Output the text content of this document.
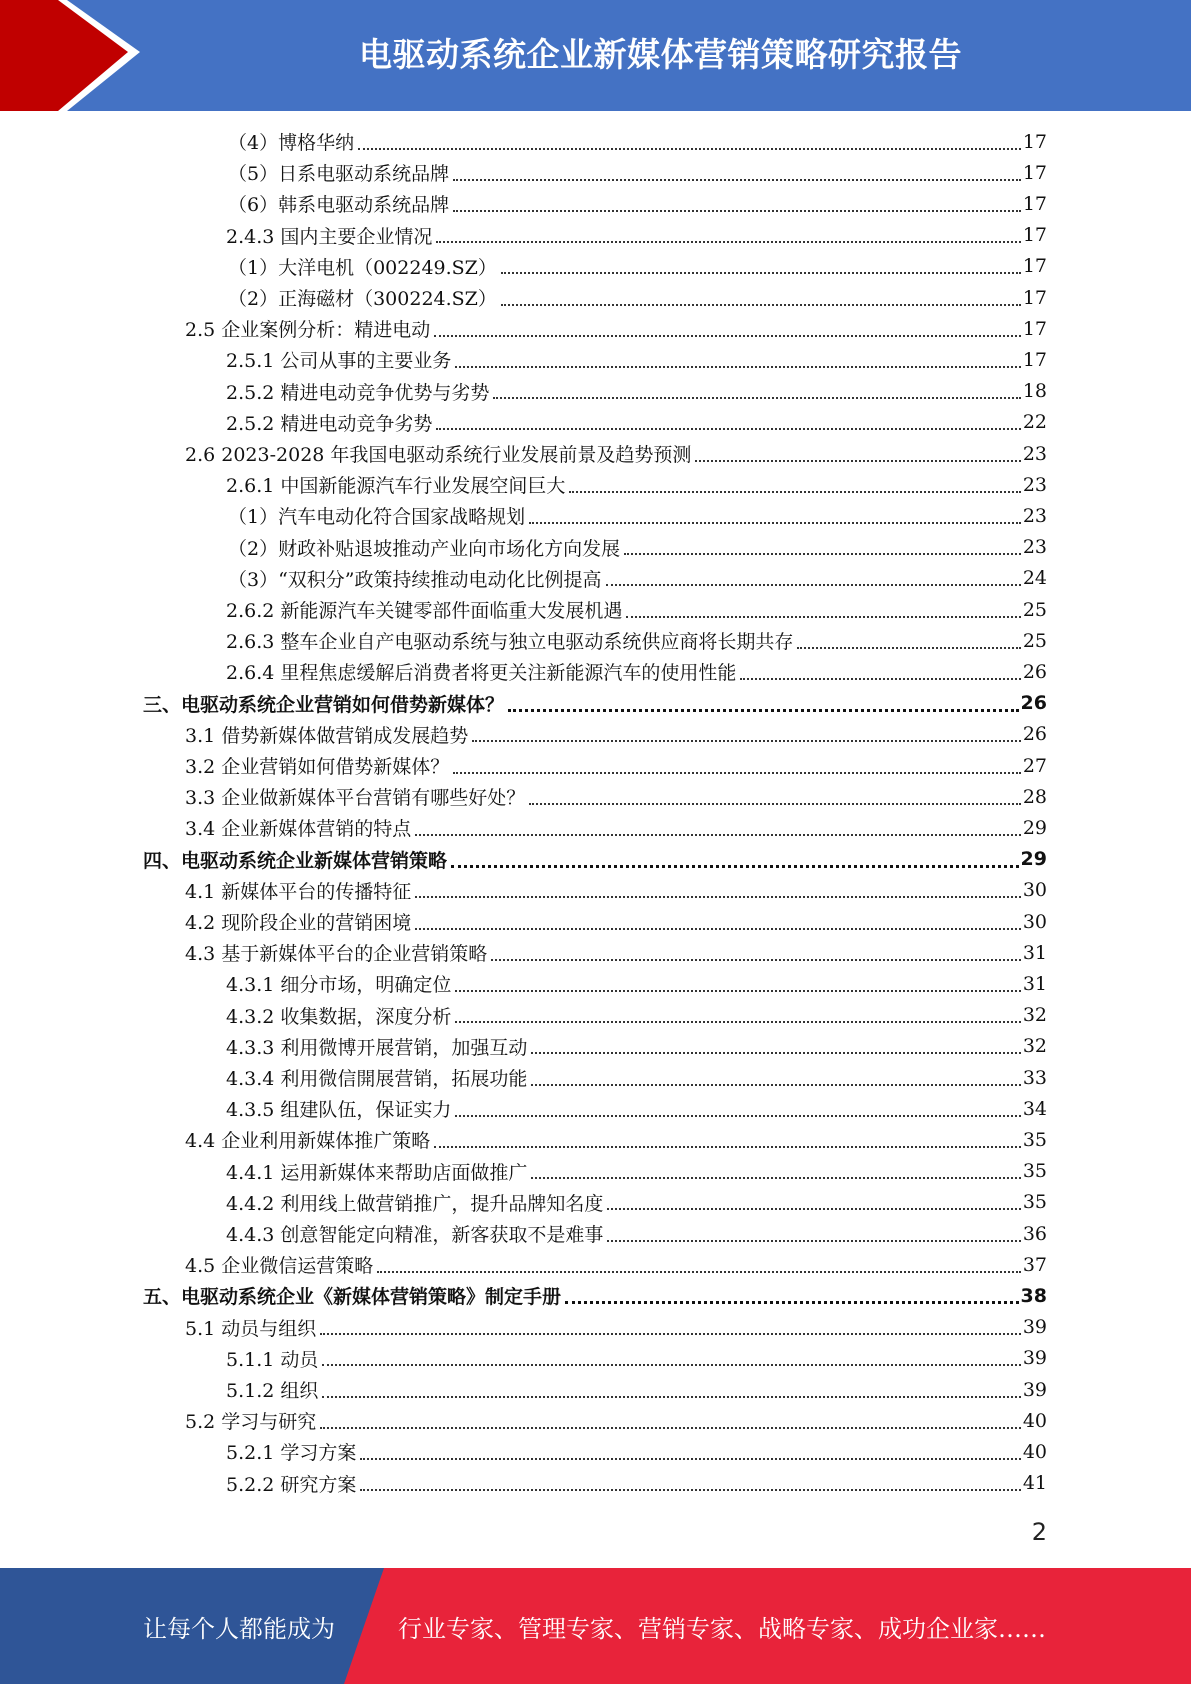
电驱动系统企业新媒体营销策略研究报告
（4）博格华纳	17
（5）日系电驱动系统品牌	17
（6）韩系电驱动系统品牌	17
2.4.3 国内主要企业情况	17
（1）大洋电机（002249.SZ）	17
（2）正海磁材（300224.SZ）	17
2.5 企业案例分析：精进电动	17
2.5.1 公司从事的主要业务	17
2.5.2 精进电动竞争优势与劣势	18
2.5.2 精进电动竞争劣势	22
2.6 2023-2028 年我国电驱动系统行业发展前景及趋势预测	23
2.6.1 中国新能源汽车行业发展空间巨大	23
（1）汽车电动化符合国家战略规划	23
（2）财政补贴退坡推动产业向市场化方向发展	23
（3）“双积分”政策持续推动电动化比例提高	24
2.6.2 新能源汽车关键零部件面临重大发展机遇	25
2.6.3 整车企业自产电驱动系统与独立电驱动系统供应商将长期共存	25
2.6.4 里程焦虑缓解后消费者将更关注新能源汽车的使用性能	26
三、电驱动系统企业营销如何借势新媒体？	26
3.1 借势新媒体做营销成发展趋势	26
3.2 企业营销如何借势新媒体？	27
3.3 企业做新媒体平台营销有哪些好处？	28
3.4 企业新媒体营销的特点	29
四、电驱动系统企业新媒体营销策略	29
4.1 新媒体平台的传播特征	30
4.2 现阶段企业的营销困境	30
4.3 基于新媒体平台的企业营销策略	31
4.3.1 细分市场，明确定位	31
4.3.2 收集数据，深度分析	32
4.3.3 利用微博开展营销，加强互动	32
4.3.4 利用微信開展营销，拓展功能	33
4.3.5 组建队伍，保证实力	34
4.4 企业利用新媒体推广策略	35
4.4.1 运用新媒体来帮助店面做推广	35
4.4.2 利用线上做营销推广，提升品牌知名度	35
4.4.3 创意智能定向精准，新客获取不是难事	36
4.5 企业微信运营策略	37
五、电驱动系统企业《新媒体营销策略》制定手册	38
5.1 动员与组织	39
5.1.1 动员	39
5.1.2 组织	39
5.2 学习与研究	40
5.2.1 学习方案	40
5.2.2 研究方案	41
2
让每个人都能成为	行业专家、管理专家、营销专家、战略专家、成功企业家……
